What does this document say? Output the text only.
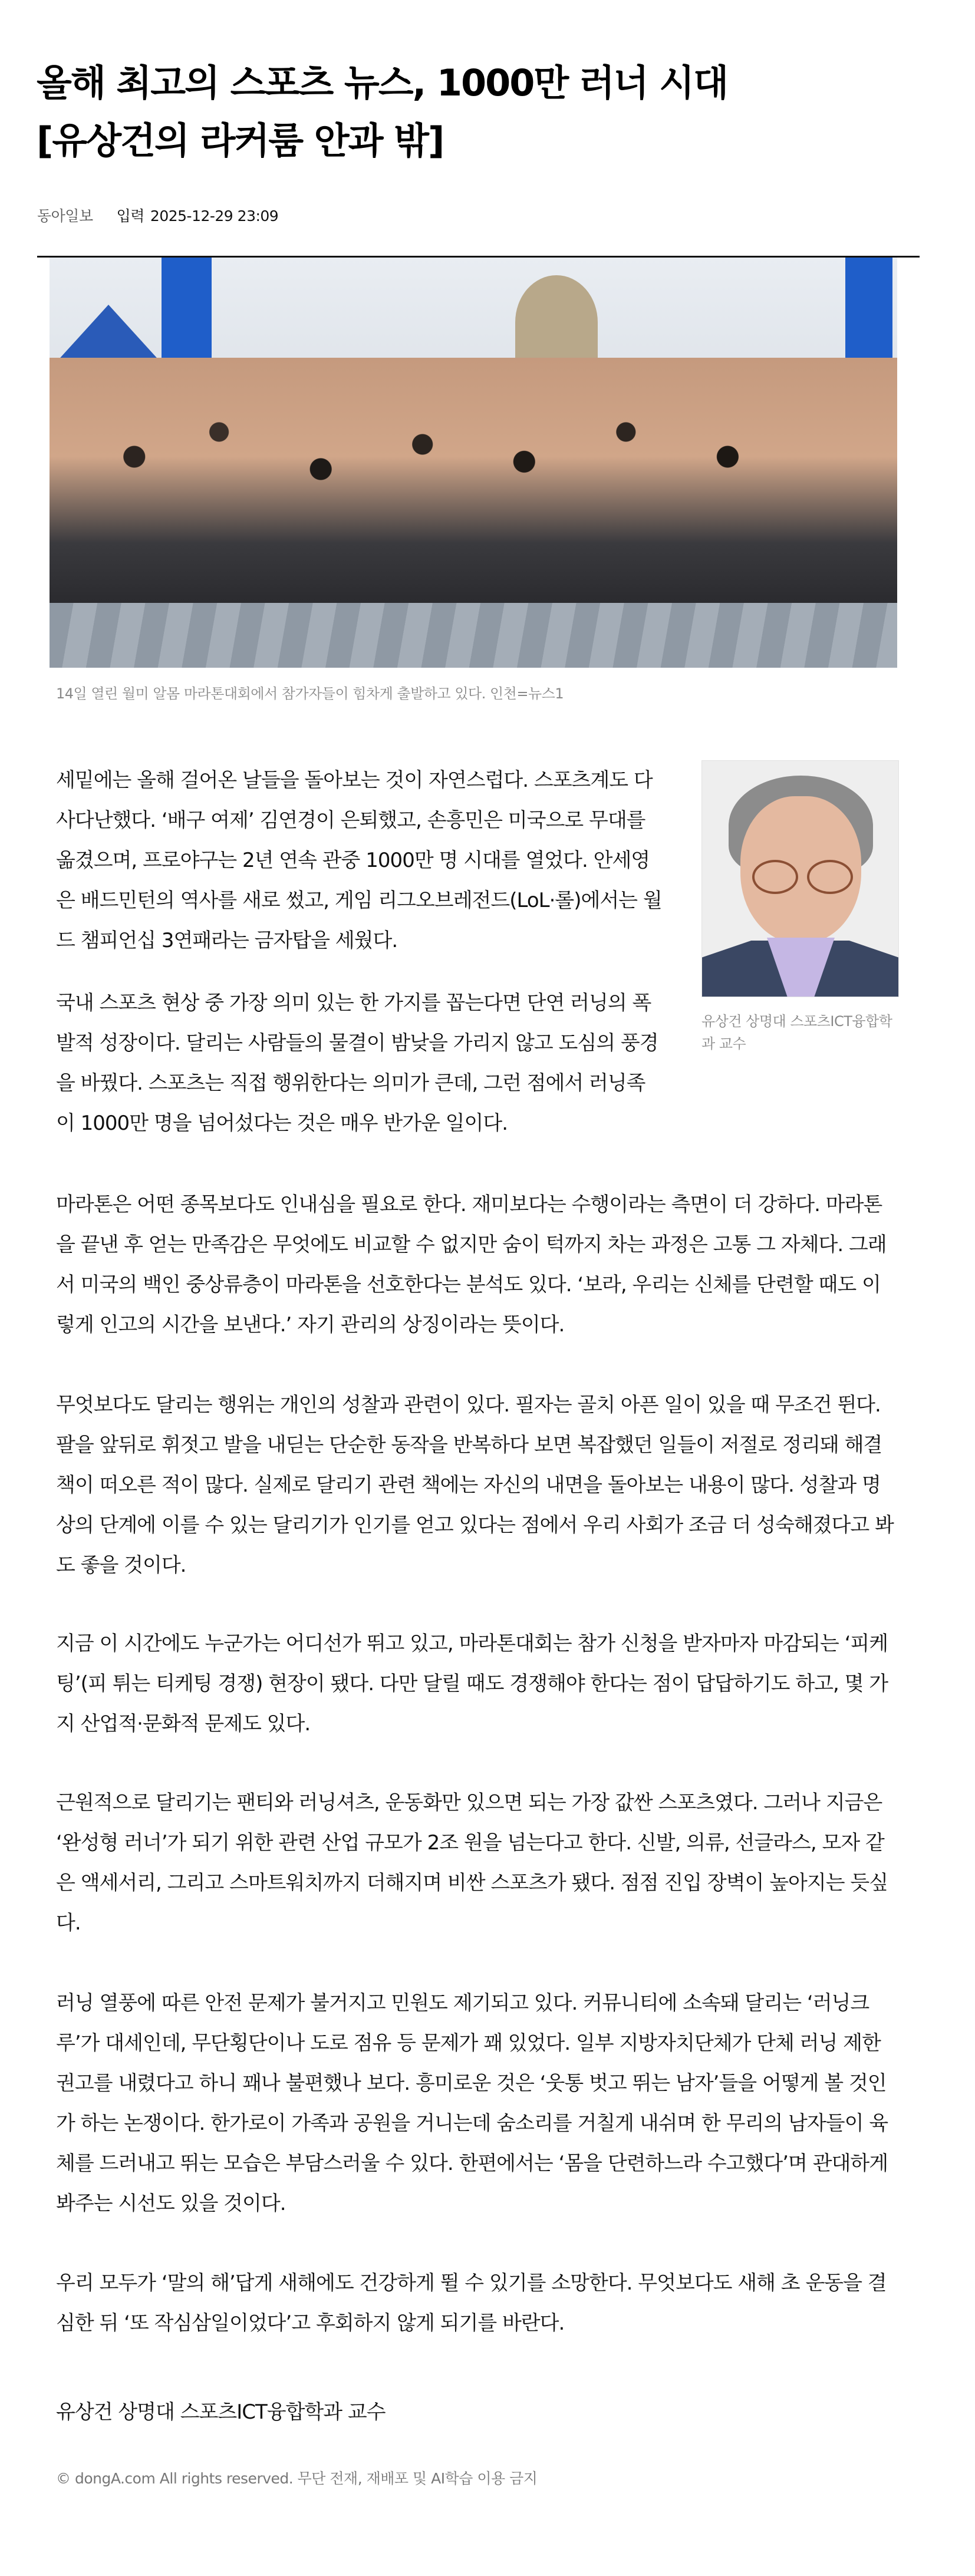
올해 최고의 스포츠 뉴스, 1000만 러너 시대
[유상건의 라커룸 안과 밖]
동아일보 입력 2025-12-29 23:09
14일 열린 월미 알몸 마라톤대회에서 참가자들이 힘차게 출발하고 있다. 인천=뉴스1

세밑에는 올해 걸어온 날들을 돌아보는 것이 자연스럽다. 스포츠계도 다사다난했다. ‘배구 여제’ 김연경이 은퇴했고, 손흥민은 미국으로 무대를 옮겼으며, 프로야구는 2년 연속 관중 1000만 명 시대를 열었다. 안세영은 배드민턴의 역사를 새로 썼고, 게임 리그오브레전드(LoL·롤)에서는 월드 챔피언십 3연패라는 금자탑을 세웠다.

유상건 상명대 스포츠ICT융합학과 교수

국내 스포츠 현상 중 가장 의미 있는 한 가지를 꼽는다면 단연 러닝의 폭발적 성장이다. 달리는 사람들의 물결이 밤낮을 가리지 않고 도심의 풍경을 바꿨다. 스포츠는 직접 행위한다는 의미가 큰데, 그런 점에서 러닝족이 1000만 명을 넘어섰다는 것은 매우 반가운 일이다.

마라톤은 어떤 종목보다도 인내심을 필요로 한다. 재미보다는 수행이라는 측면이 더 강하다. 마라톤을 끝낸 후 얻는 만족감은 무엇에도 비교할 수 없지만 숨이 턱까지 차는 과정은 고통 그 자체다. 그래서 미국의 백인 중상류층이 마라톤을 선호한다는 분석도 있다. ‘보라, 우리는 신체를 단련할 때도 이렇게 인고의 시간을 보낸다.’ 자기 관리의 상징이라는 뜻이다.

무엇보다도 달리는 행위는 개인의 성찰과 관련이 있다. 필자는 골치 아픈 일이 있을 때 무조건 뛴다. 팔을 앞뒤로 휘젓고 발을 내딛는 단순한 동작을 반복하다 보면 복잡했던 일들이 저절로 정리돼 해결책이 떠오른 적이 많다. 실제로 달리기 관련 책에는 자신의 내면을 돌아보는 내용이 많다. 성찰과 명상의 단계에 이를 수 있는 달리기가 인기를 얻고 있다는 점에서 우리 사회가 조금 더 성숙해졌다고 봐도 좋을 것이다.

지금 이 시간에도 누군가는 어디선가 뛰고 있고, 마라톤대회는 참가 신청을 받자마자 마감되는 ‘피케팅’(피 튀는 티케팅 경쟁) 현장이 됐다. 다만 달릴 때도 경쟁해야 한다는 점이 답답하기도 하고, 몇 가지 산업적·문화적 문제도 있다.

근원적으로 달리기는 팬티와 러닝셔츠, 운동화만 있으면 되는 가장 값싼 스포츠였다. 그러나 지금은 ‘완성형 러너’가 되기 위한 관련 산업 규모가 2조 원을 넘는다고 한다. 신발, 의류, 선글라스, 모자 같은 액세서리, 그리고 스마트워치까지 더해지며 비싼 스포츠가 됐다. 점점 진입 장벽이 높아지는 듯싶다.

러닝 열풍에 따른 안전 문제가 불거지고 민원도 제기되고 있다. 커뮤니티에 소속돼 달리는 ‘러닝크루’가 대세인데, 무단횡단이나 도로 점유 등 문제가 꽤 있었다. 일부 지방자치단체가 단체 러닝 제한 권고를 내렸다고 하니 꽤나 불편했나 보다. 흥미로운 것은 ‘웃통 벗고 뛰는 남자’들을 어떻게 볼 것인가 하는 논쟁이다. 한가로이 가족과 공원을 거니는데 숨소리를 거칠게 내쉬며 한 무리의 남자들이 육체를 드러내고 뛰는 모습은 부담스러울 수 있다. 한편에서는 ‘몸을 단련하느라 수고했다’며 관대하게 봐주는 시선도 있을 것이다.

우리 모두가 ‘말의 해’답게 새해에도 건강하게 뛸 수 있기를 소망한다. 무엇보다도 새해 초 운동을 결심한 뒤 ‘또 작심삼일이었다’고 후회하지 않게 되기를 바란다.

유상건 상명대 스포츠ICT융합학과 교수
© dongA.com All rights reserved. 무단 전재, 재배포 및 AI학습 이용 금지
